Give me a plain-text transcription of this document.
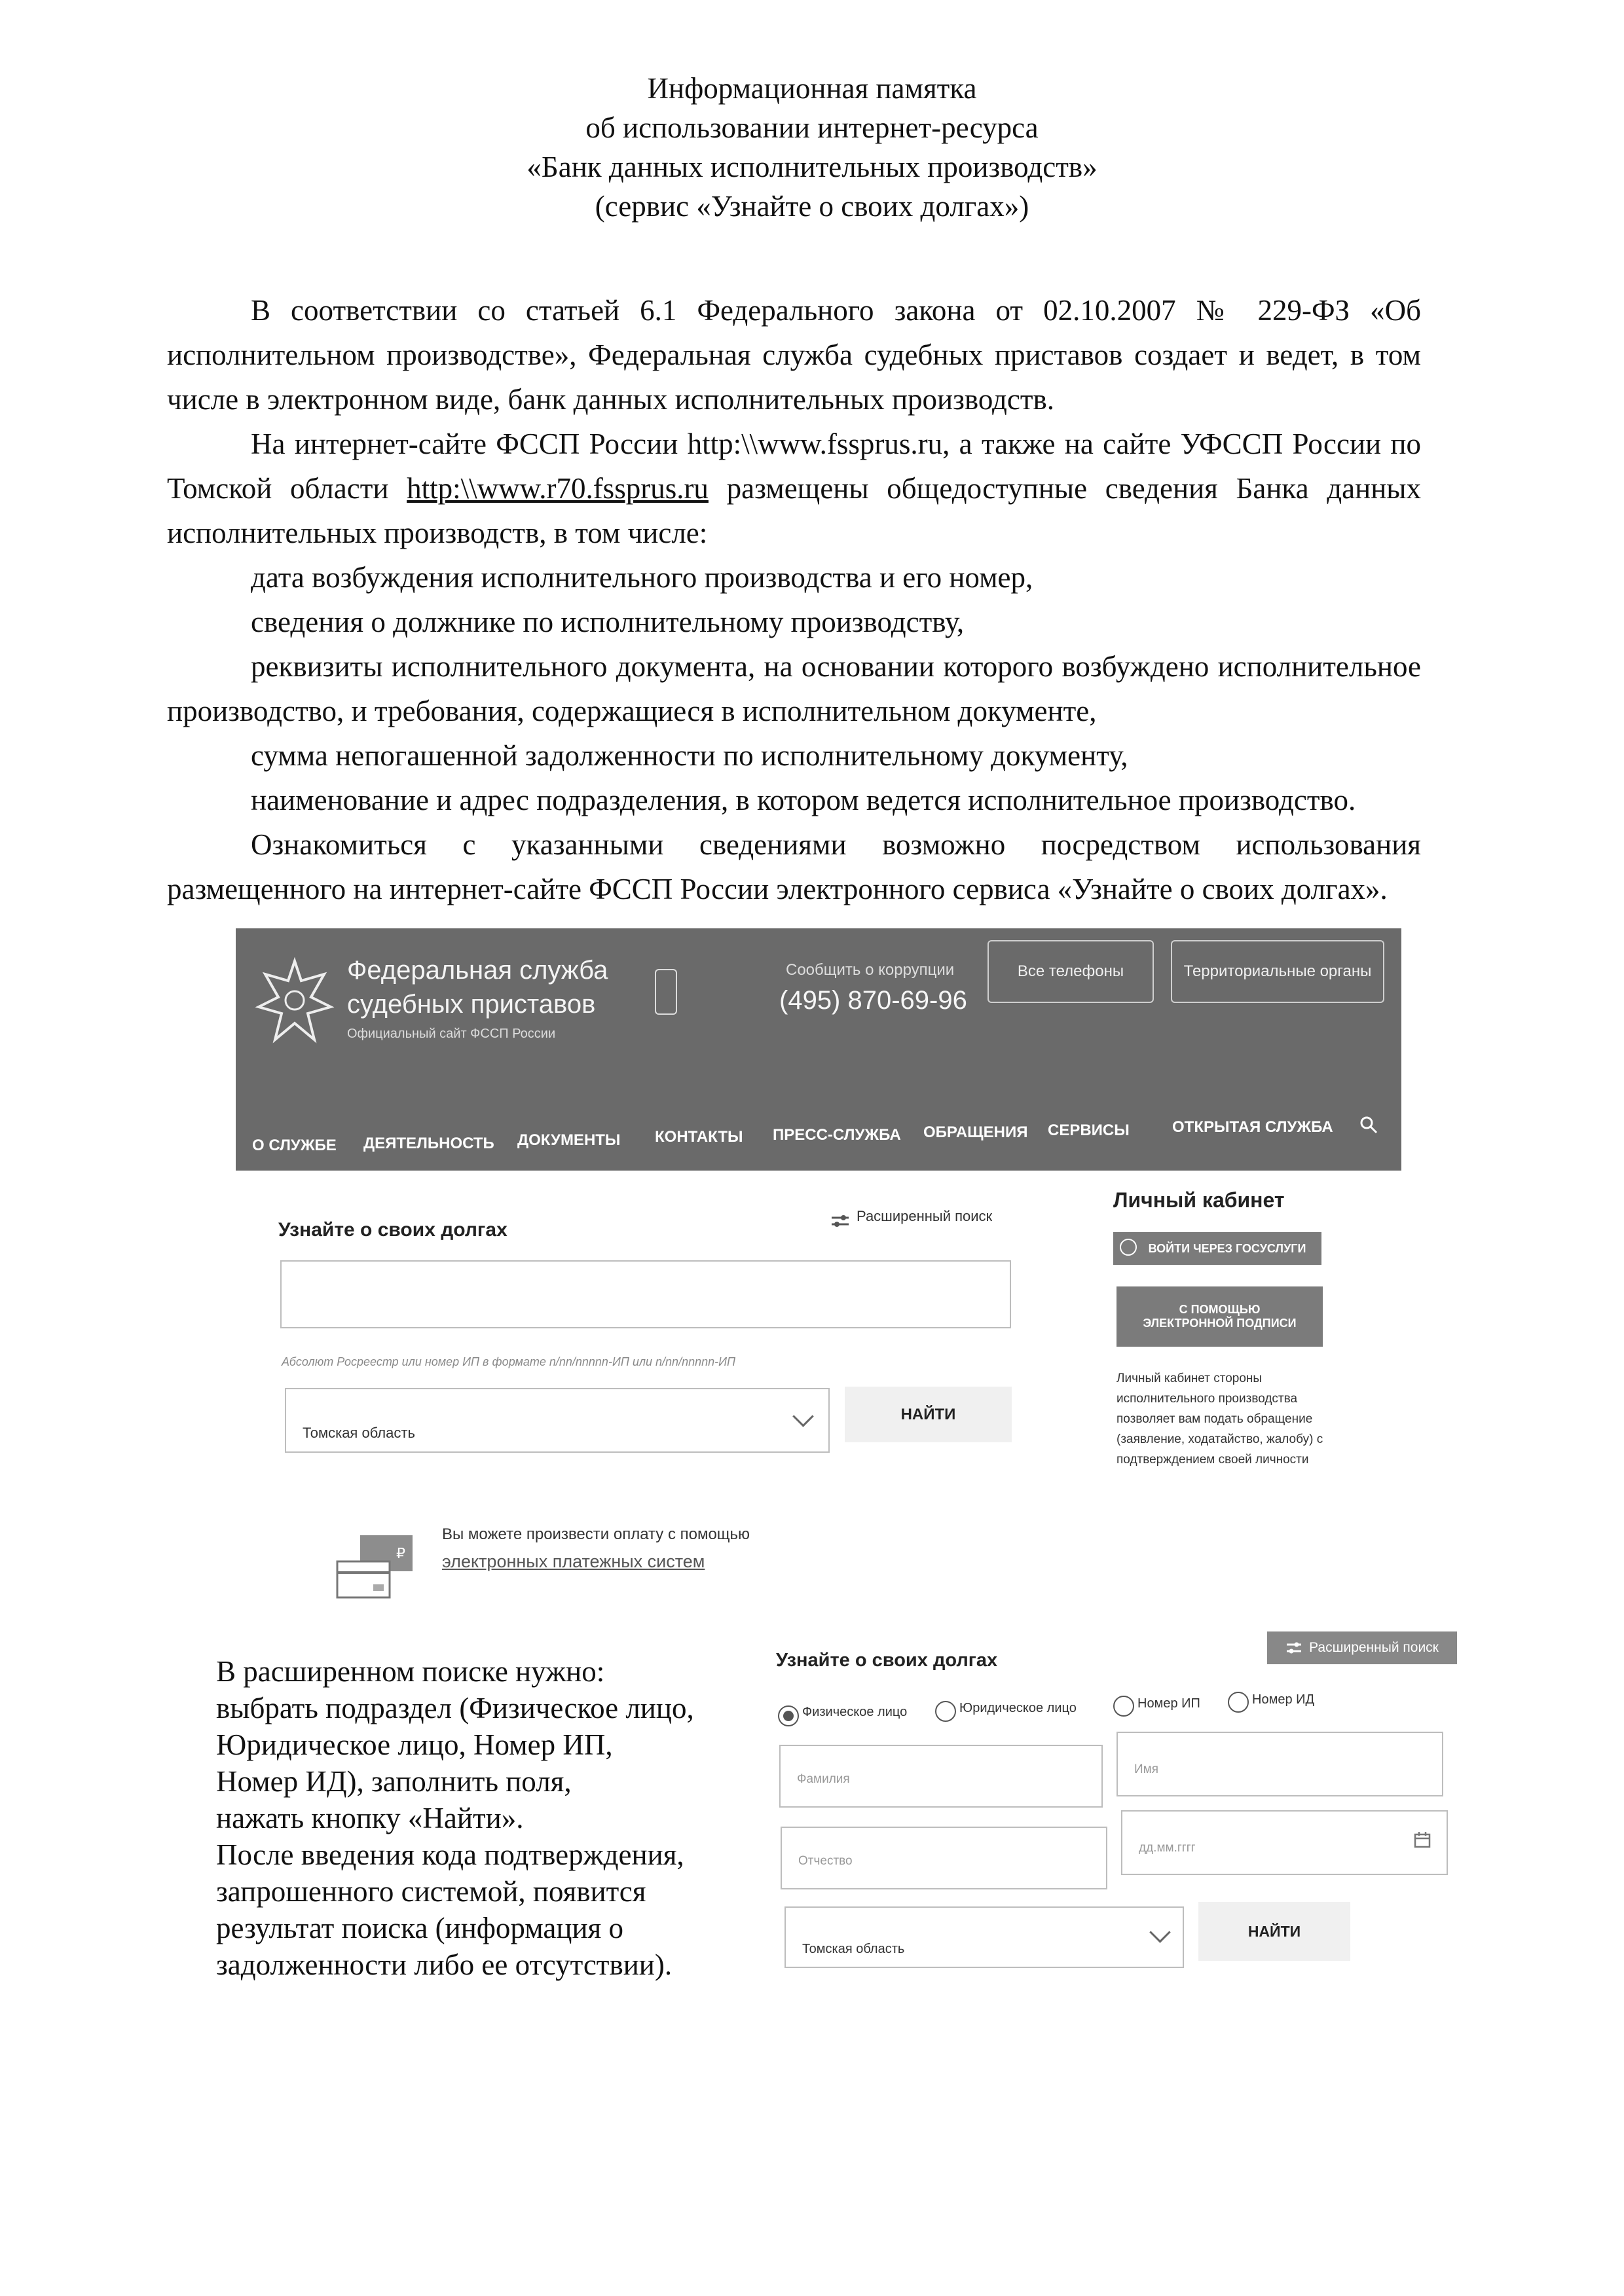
Информационная памятка
об использовании интернет-ресурса
«Банк данных исполнительных производств»
(сервис «Узнайте о своих долгах»)

В соответствии со статьей 6.1 Федерального закона от 02.10.2007 № 229-ФЗ «Об исполнительном производстве», Федеральная служба судебных приставов создает и ведет, в том числе в электронном виде, банк данных исполнительных производств.

На интернет-сайте ФССП России http:\\www.fssprus.ru, а также на сайте УФССП России по Томской области http:\\www.r70.fssprus.ru размещены общедоступные сведения Банка данных исполнительных производств, в том числе:

дата возбуждения исполнительного производства и его номер,

сведения о должнике по исполнительному производству,

реквизиты исполнительного документа, на основании которого возбуждено исполнительное производство, и требования, содержащиеся в исполнительном документе,

сумма непогашенной задолженности по исполнительному документу,

наименование и адрес подразделения, в котором ведется исполнительное производство.

Ознакомиться с указанными сведениями возможно посредством использования размещенного на интернет-сайте ФССП России электронного сервиса «Узнайте о своих долгах».

Федеральная служба
судебных приставов
Официальный сайт ФССП России
Сообщить о коррупции
(495) 870-69-96
Все телефоны	Территориальные органы
О СЛУЖБЕ ДЕЯТЕЛЬНОСТЬ ДОКУМЕНТЫ КОНТАКТЫ ПРЕСС-СЛУЖБА ОБРАЩЕНИЯ СЕРВИСЫ	ОТКРЫТАЯ СЛУЖБА
Узнайте о своих долгах
Расширенный поиск
Абсолют Росреестр или номер ИП в формате n/nn/nnnnn-ИП или n/nn/nnnnn-ИП
Томская область
НАЙТИ
Личный кабинет
ВОЙТИ ЧЕРЕЗ ГОСУСЛУГИ
С ПОМОЩЬЮ
ЭЛЕКТРОННОЙ ПОДПИСИ
Личный кабинет стороны
исполнительного производства
позволяет вам подать обращение
(заявление, ходатайство, жалобу) с
подтверждением своей личности
₽
Вы можете произвести оплату с помощью
электронных платежных систем
В расширенном поиске нужно:
выбрать подраздел (Физическое лицо,
Юридическое лицо, Номер ИП,
Номер ИД), заполнить поля,
нажать кнопку «Найти».
После введения кода подтверждения,
запрошенного системой, появится
результат поиска (информация о
задолженности либо ее отсутствии).
Узнайте о своих долгах
Расширенный поиск
Физическое лицо	Юридическое лицо	Номер ИП	Номер ИД
Фамилия
Имя
Отчество
дд.мм.гггг
Томская область
НАЙТИ
